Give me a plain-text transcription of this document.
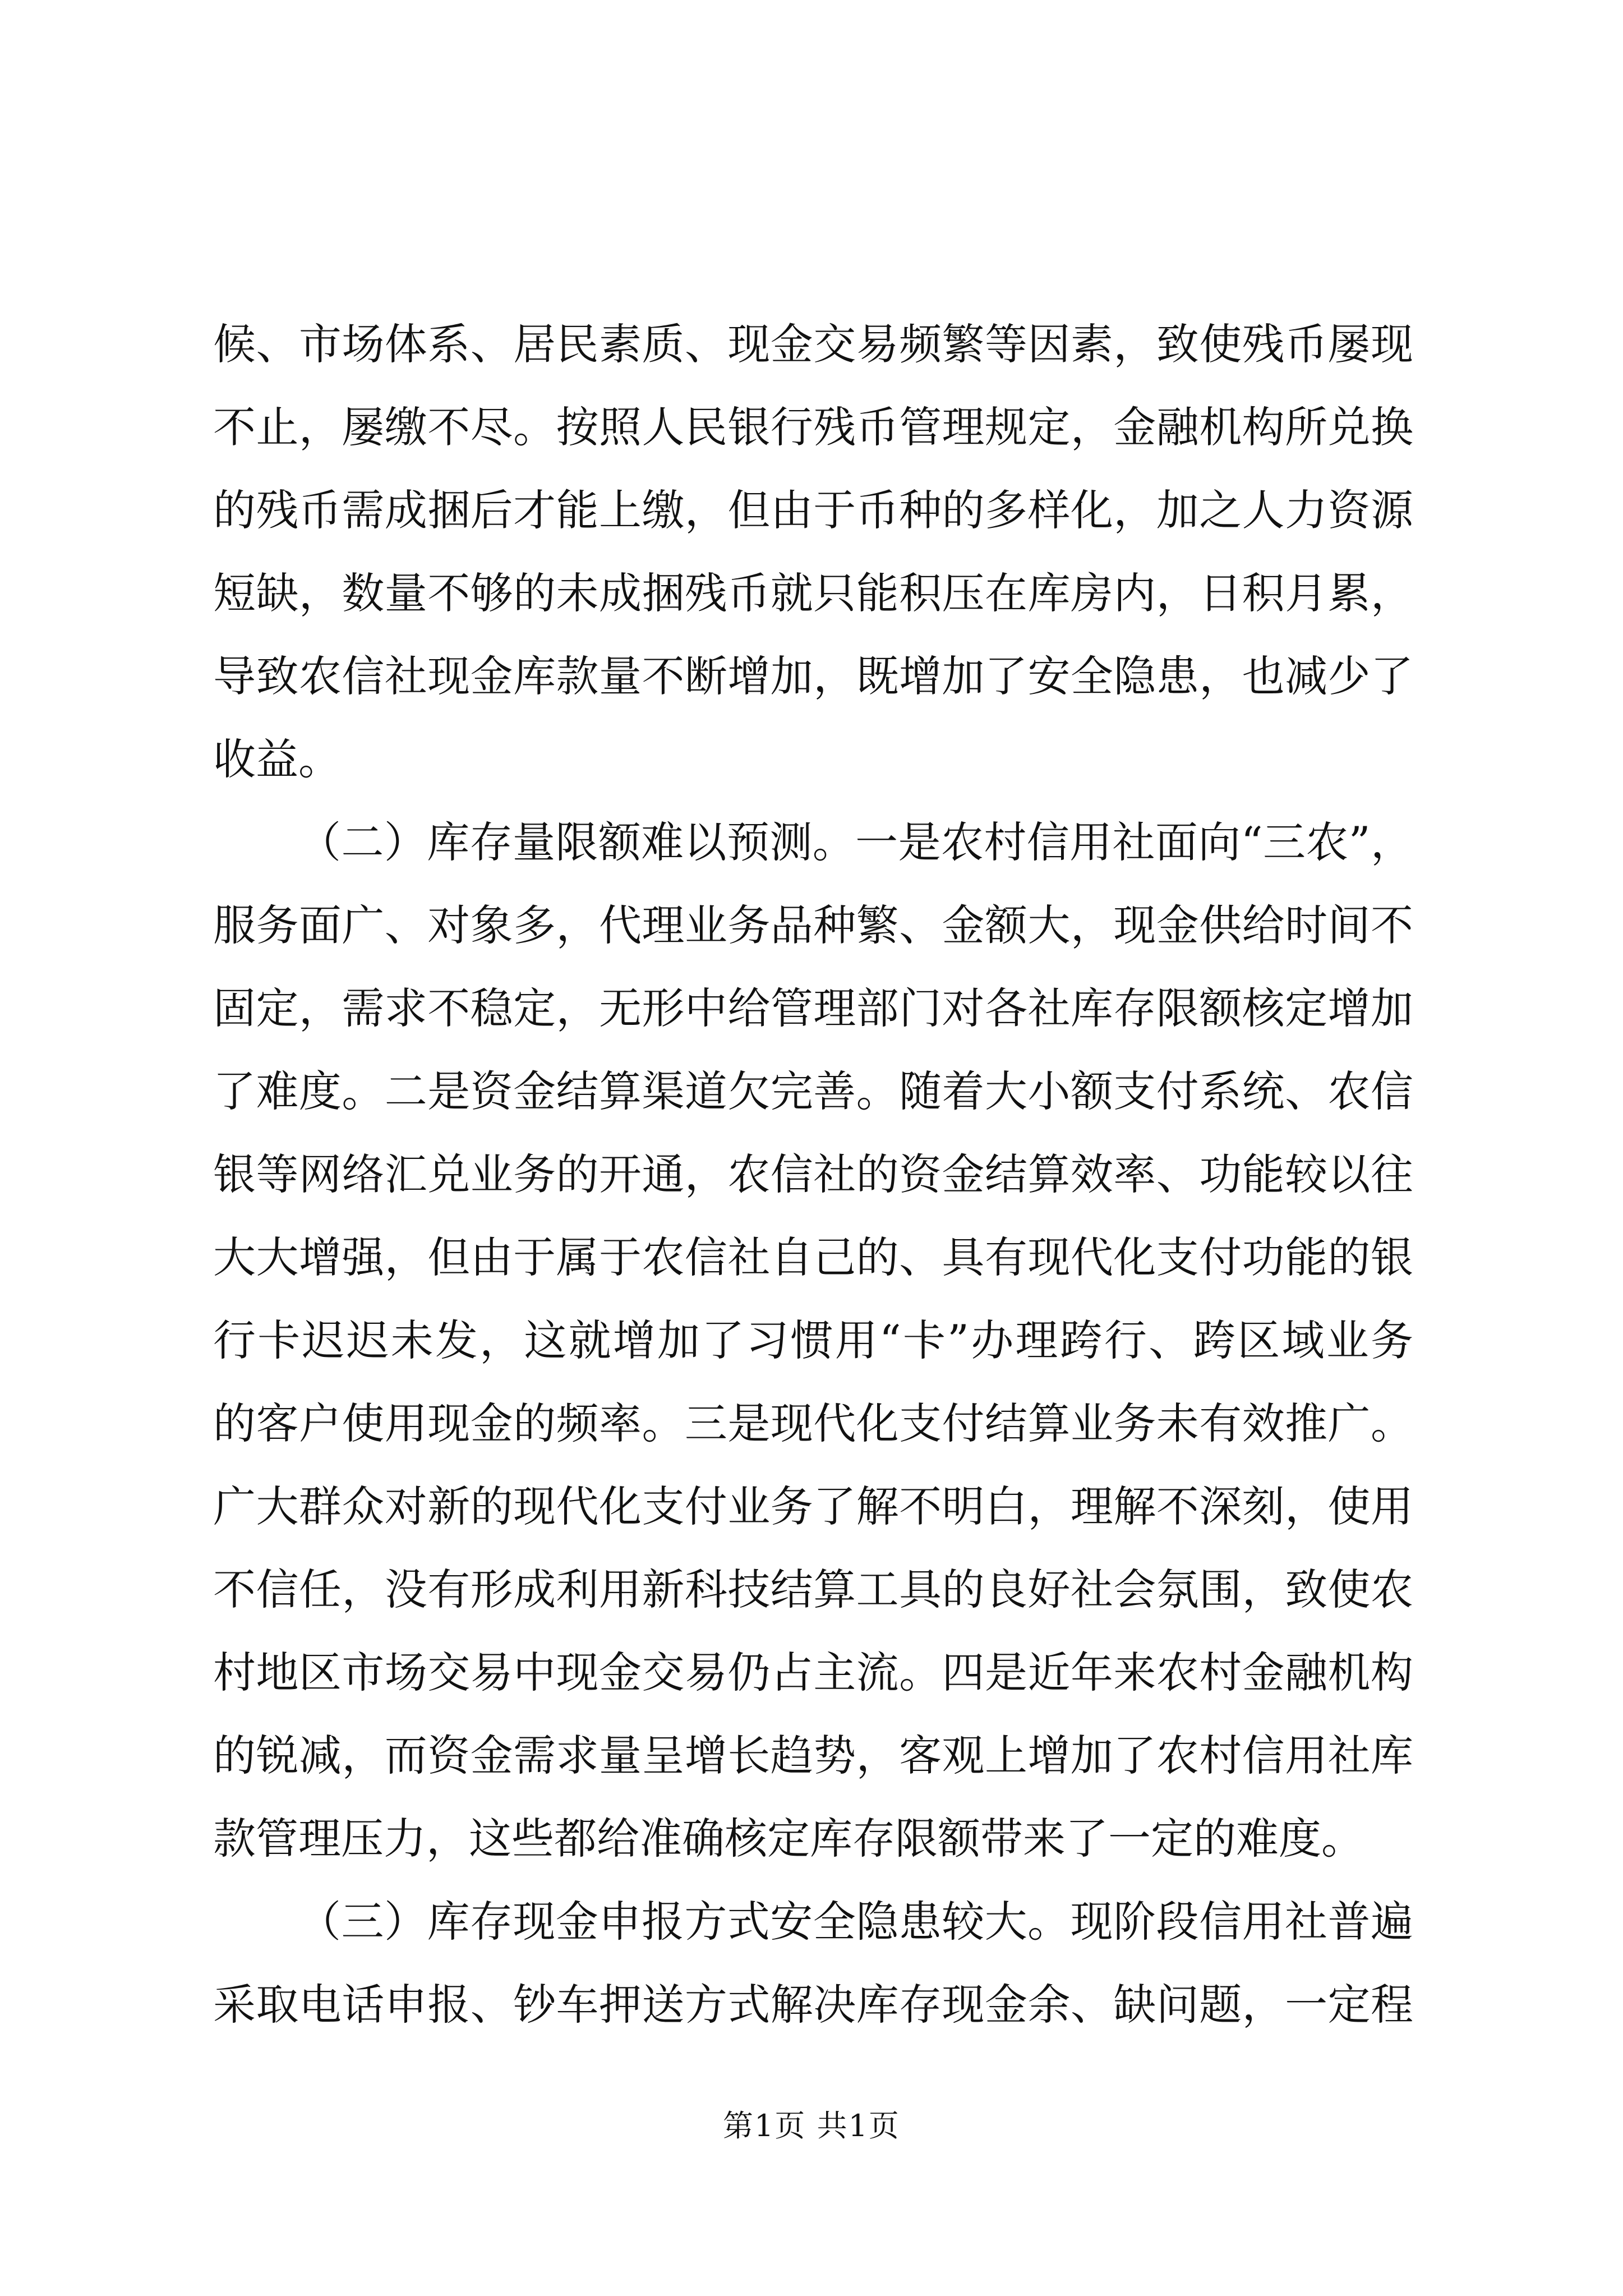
候、市场体系、居民素质、现金交易频繁等因素，致使残币屡现
不止，屡缴不尽。按照人民银行残币管理规定，金融机构所兑换
的残币需成捆后才能上缴，但由于币种的多样化，加之人力资源
短缺，数量不够的未成捆残币就只能积压在库房内，日积月累，
导致农信社现金库款量不断增加，既增加了安全隐患，也减少了
收益。
（二）库存量限额难以预测。一是农村信用社面向“三农”，
服务面广、对象多，代理业务品种繁、金额大，现金供给时间不
固定，需求不稳定，无形中给管理部门对各社库存限额核定增加
了难度。二是资金结算渠道欠完善。随着大小额支付系统、农信
银等网络汇兑业务的开通，农信社的资金结算效率、功能较以往
大大增强，但由于属于农信社自己的、具有现代化支付功能的银
行卡迟迟未发，这就增加了习惯用“卡”办理跨行、跨区域业务
的客户使用现金的频率。三是现代化支付结算业务未有效推广。
广大群众对新的现代化支付业务了解不明白，理解不深刻，使用
不信任，没有形成利用新科技结算工具的良好社会氛围，致使农
村地区市场交易中现金交易仍占主流。四是近年来农村金融机构
的锐减，而资金需求量呈增长趋势，客观上增加了农村信用社库
款管理压力，这些都给准确核定库存限额带来了一定的难度。
（三）库存现金申报方式安全隐患较大。现阶段信用社普遍
采取电话申报、钞车押送方式解决库存现金余、缺问题，一定程
第1页 共1页
